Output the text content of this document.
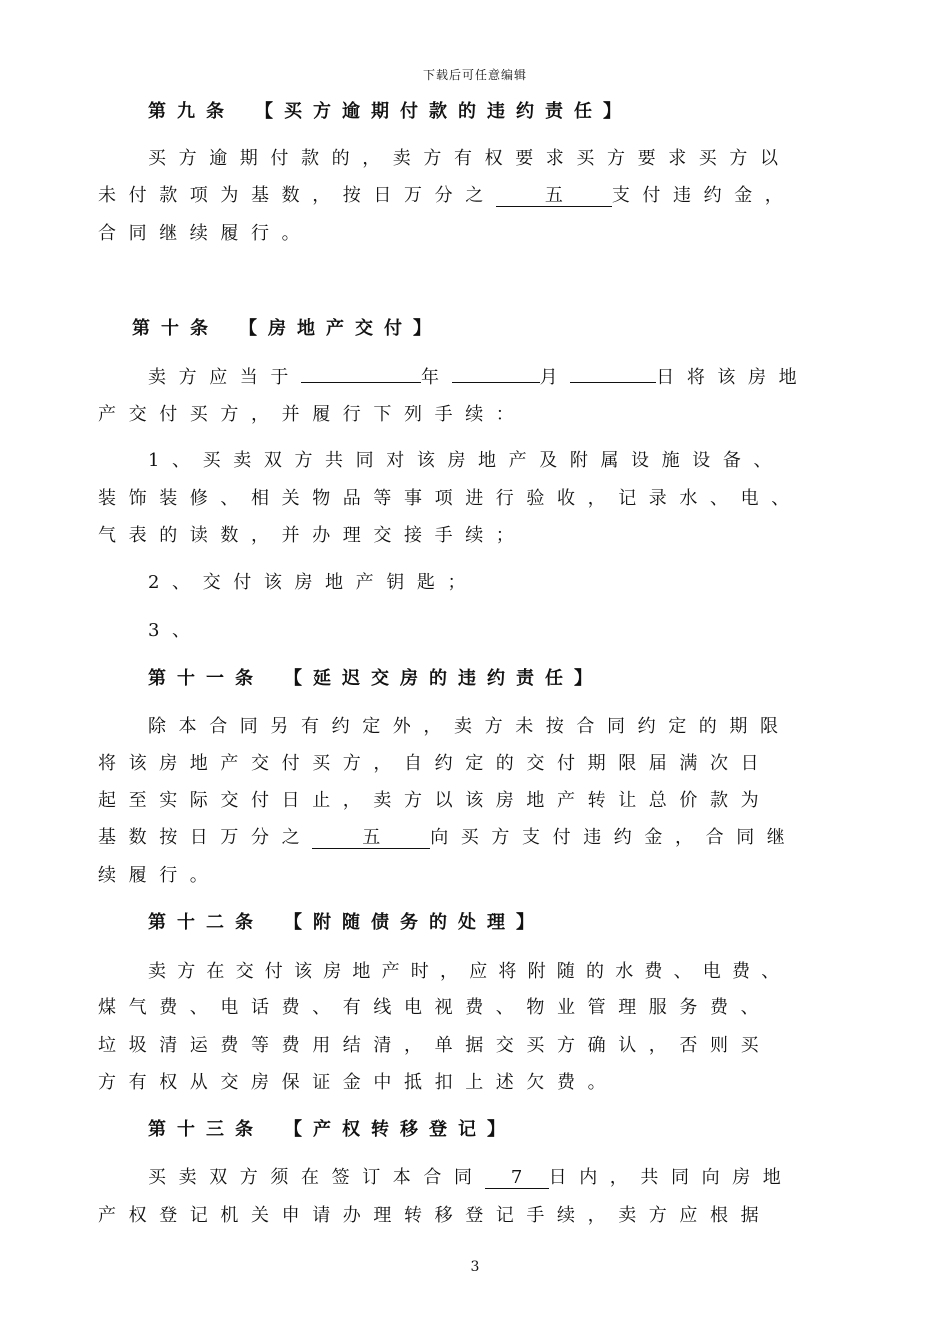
下载后可任意编辑
第九条 【买方逾期付款的违约责任】
买方逾期付款的，卖方有权要求买方要求买方以
未付款项为基数，按日万分之	五	支付违约金，
合同继续履行。
第十条 【房地产交付】
卖方应当于	年	月	日将该房地
产交付买方，并履行下列手续：
1、买卖双方共同对该房地产及附属设施设备、
装饰装修、相关物品等事项进行验收，记录水、电、
气表的读数，并办理交接手续；
2、交付该房地产钥匙；
3、
第十一条 【延迟交房的违约责任】
除本合同另有约定外，卖方未按合同约定的期限
将该房地产交付买方，自约定的交付期限届满次日
起至实际交付日止，卖方以该房地产转让总价款为
基数按日万分之	五	向买方支付违约金，合同继
续履行。
第十二条 【附随债务的处理】
卖方在交付该房地产时，应将附随的水费、电费、
煤气费、电话费、有线电视费、物业管理服务费、
垃圾清运费等费用结清，单据交买方确认，否则买
方有权从交房保证金中抵扣上述欠费。
第十三条 【产权转移登记】
买卖双方须在签订本合同 7 日内，共同向房地
产权登记机关申请办理转移登记手续，卖方应根据
3
